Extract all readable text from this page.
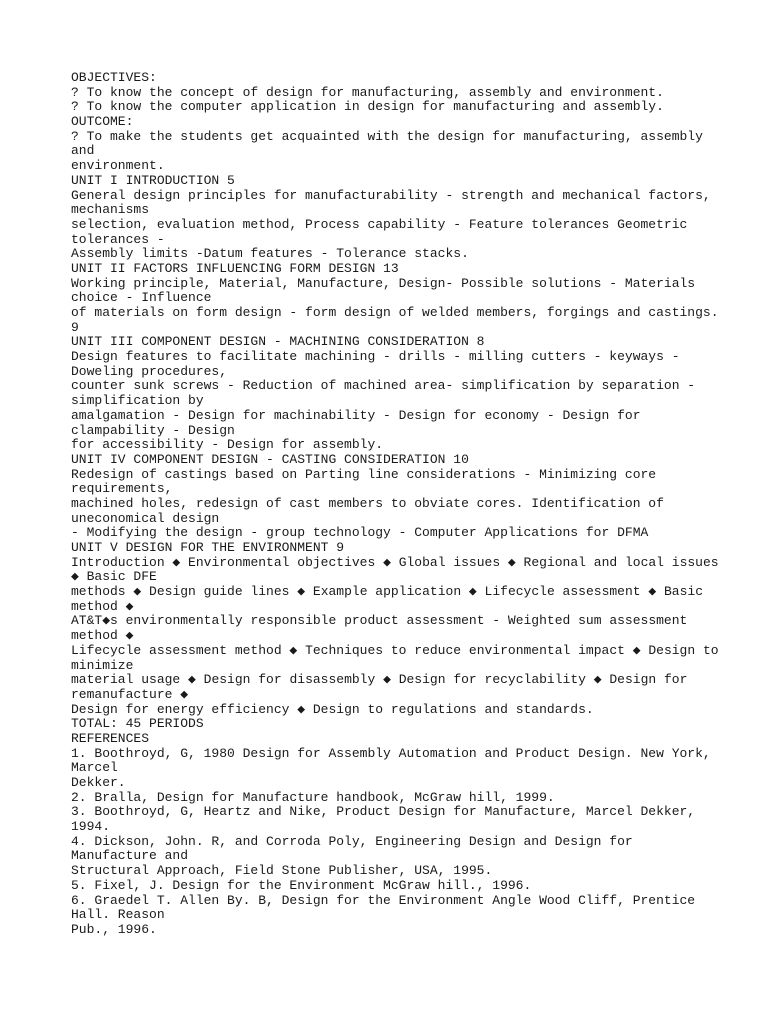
OBJECTIVES:
? To know the concept of design for manufacturing, assembly and environment.
? To know the computer application in design for manufacturing and assembly.
OUTCOME:
? To make the students get acquainted with the design for manufacturing, assembly
and
environment.
UNIT I INTRODUCTION 5
General design principles for manufacturability - strength and mechanical factors,
mechanisms
selection, evaluation method, Process capability - Feature tolerances Geometric
tolerances -
Assembly limits -Datum features - Tolerance stacks.
UNIT II FACTORS INFLUENCING FORM DESIGN 13
Working principle, Material, Manufacture, Design- Possible solutions - Materials
choice - Influence
of materials on form design - form design of welded members, forgings and castings.
9
UNIT III COMPONENT DESIGN - MACHINING CONSIDERATION 8
Design features to facilitate machining - drills - milling cutters - keyways -
Doweling procedures,
counter sunk screws - Reduction of machined area- simplification by separation -
simplification by
amalgamation - Design for machinability - Design for economy - Design for
clampability - Design
for accessibility - Design for assembly.
UNIT IV COMPONENT DESIGN - CASTING CONSIDERATION 10
Redesign of castings based on Parting line considerations - Minimizing core
requirements,
machined holes, redesign of cast members to obviate cores. Identification of
uneconomical design
- Modifying the design - group technology - Computer Applications for DFMA
UNIT V DESIGN FOR THE ENVIRONMENT 9
Introduction ◆ Environmental objectives ◆ Global issues ◆ Regional and local issues
◆ Basic DFE
methods ◆ Design guide lines ◆ Example application ◆ Lifecycle assessment ◆ Basic
method ◆
AT&T◆s environmentally responsible product assessment - Weighted sum assessment
method ◆
Lifecycle assessment method ◆ Techniques to reduce environmental impact ◆ Design to
minimize
material usage ◆ Design for disassembly ◆ Design for recyclability ◆ Design for
remanufacture ◆
Design for energy efficiency ◆ Design to regulations and standards.
TOTAL: 45 PERIODS
REFERENCES
1. Boothroyd, G, 1980 Design for Assembly Automation and Product Design. New York,
Marcel
Dekker.
2. Bralla, Design for Manufacture handbook, McGraw hill, 1999.
3. Boothroyd, G, Heartz and Nike, Product Design for Manufacture, Marcel Dekker,
1994.
4. Dickson, John. R, and Corroda Poly, Engineering Design and Design for
Manufacture and
Structural Approach, Field Stone Publisher, USA, 1995.
5. Fixel, J. Design for the Environment McGraw hill., 1996.
6. Graedel T. Allen By. B, Design for the Environment Angle Wood Cliff, Prentice
Hall. Reason
Pub., 1996.
